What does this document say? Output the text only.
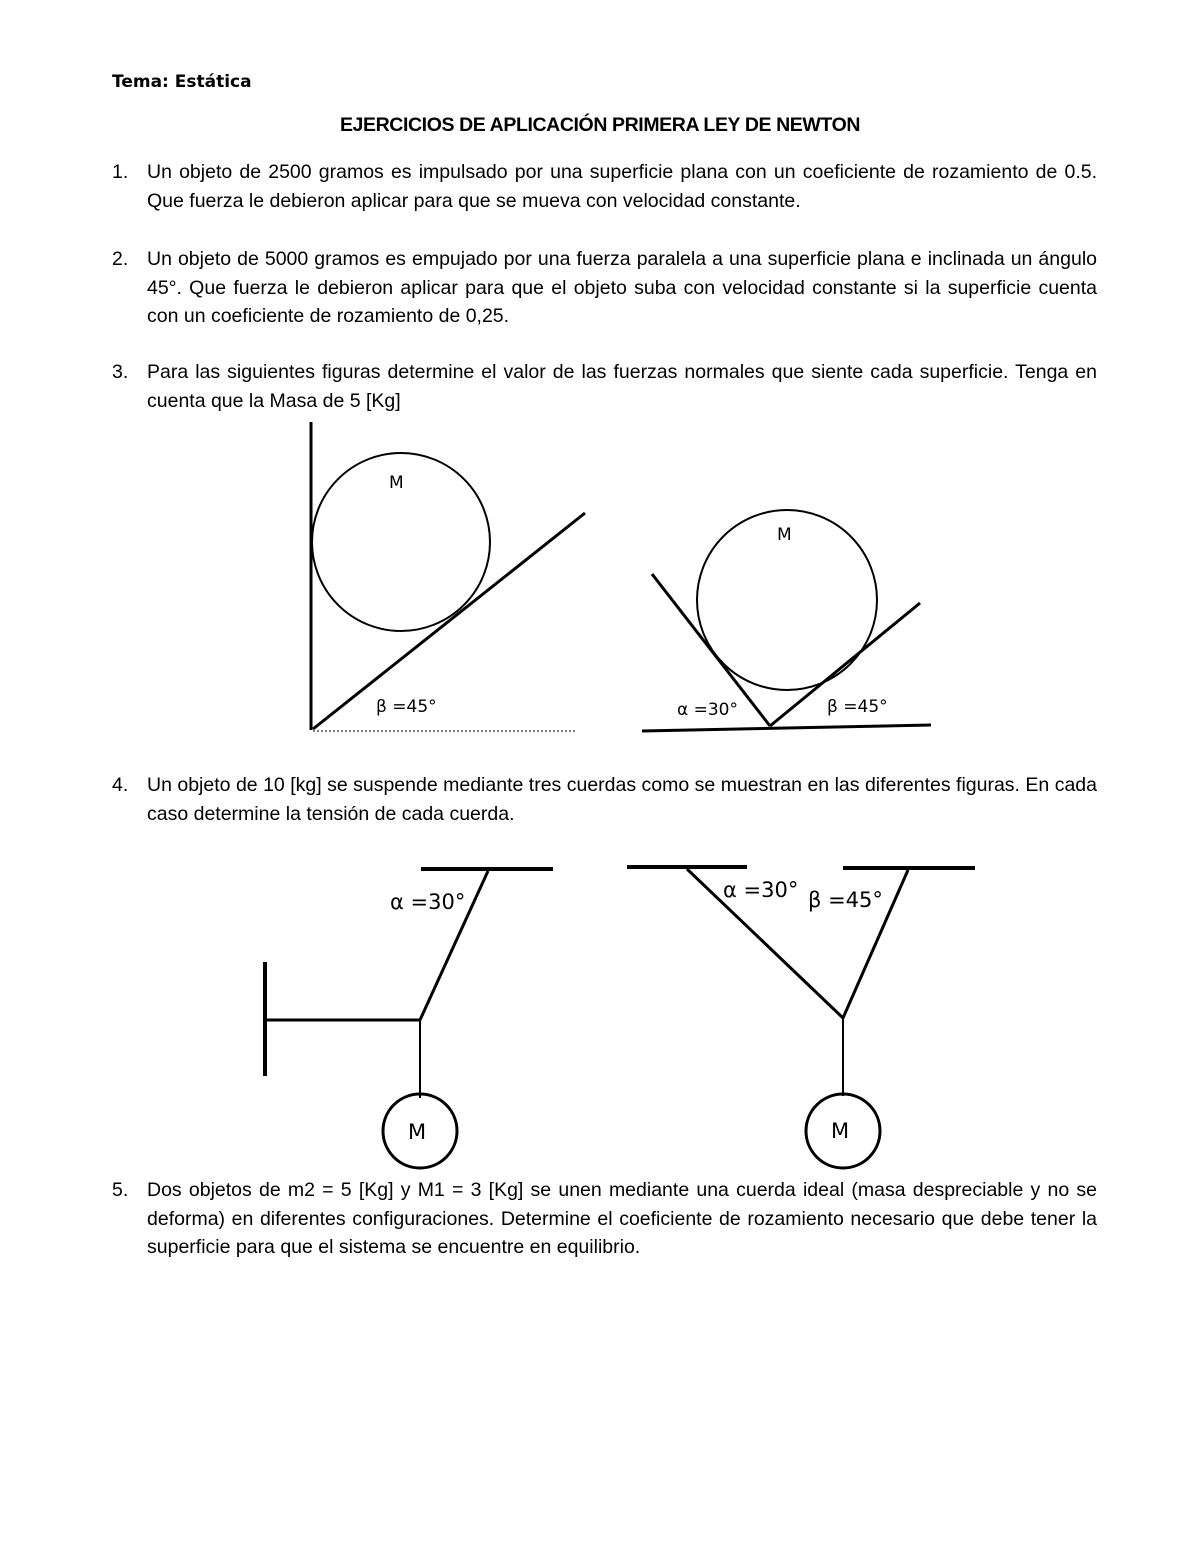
Tema: Estática
EJERCICIOS DE APLICACIÓN PRIMERA LEY DE NEWTON
1. Un objeto de 2500 gramos es impulsado por una superficie plana con un coeficiente de rozamiento de 0.5. Que fuerza le debieron aplicar para que se mueva con velocidad constante.
2. Un objeto de 5000 gramos es empujado por una fuerza paralela a una superficie plana e inclinada un ángulo 45°. Que fuerza le debieron aplicar para que el objeto suba con velocidad constante si la superficie cuenta con un coeficiente de rozamiento de 0,25.
3. Para las siguientes figuras determine el valor de las fuerzas normales que siente cada superficie. Tenga en cuenta que la Masa de 5 [Kg]
4. Un objeto de 10 [kg] se suspende mediante tres cuerdas como se muestran en las diferentes figuras. En cada caso determine la tensión de cada cuerda.
5. Dos objetos de m2 = 5 [Kg] y M1 = 3 [Kg] se unen mediante una cuerda ideal (masa despreciable y no se deforma) en diferentes configuraciones. Determine el coeficiente de rozamiento necesario que debe tener la superficie para que el sistema se encuentre en equilibrio.
M
β =45°
M
α =30°	β =45°
M
α =30°
M
α =30° β =45°
